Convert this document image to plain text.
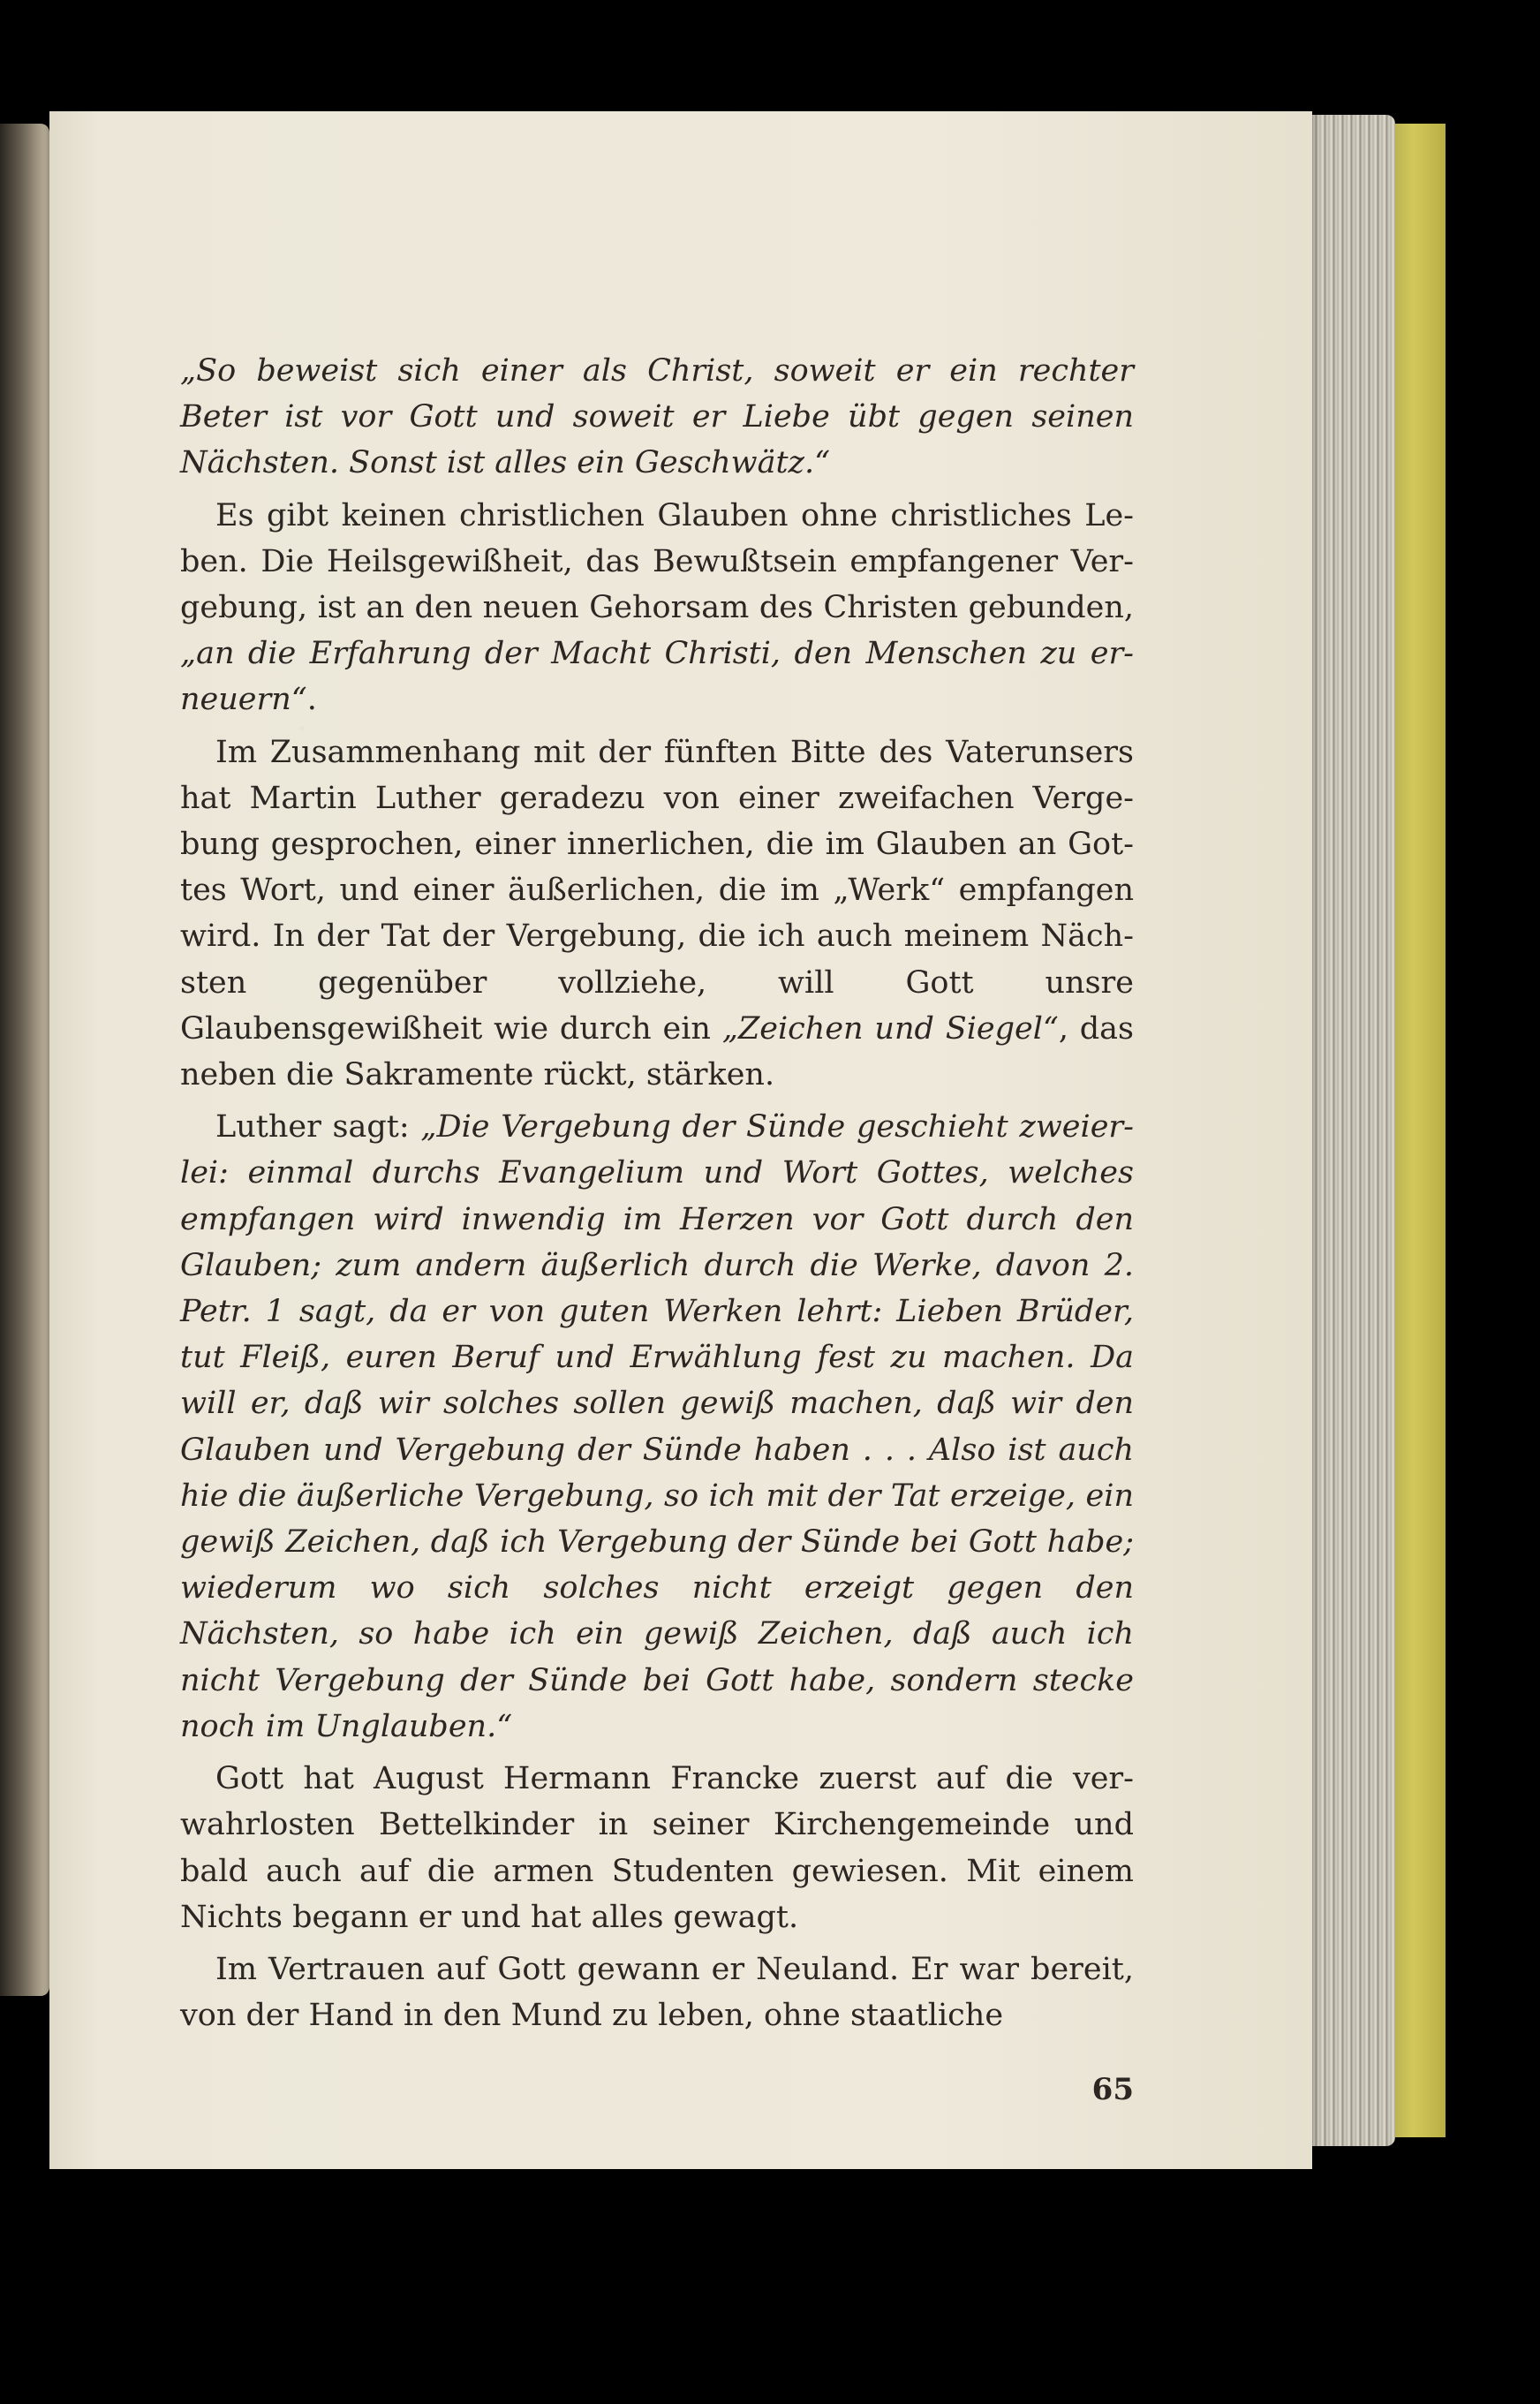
„So beweist sich einer als Christ, soweit er ein rechter Beter ist vor Gott und soweit er Liebe übt gegen seinen Nächsten. Sonst ist alles ein Geschwätz.“

Es gibt keinen christlichen Glauben ohne christliches Leben. Die Heilsgewißheit, das Bewußtsein empfangener Vergebung, ist an den neuen Gehorsam des Christen gebunden, „an die Erfahrung der Macht Christi, den Menschen zu erneuern“.

Im Zusammenhang mit der fünften Bitte des Vaterunsers hat Martin Luther geradezu von einer zweifachen Vergebung gesprochen, einer innerlichen, die im Glauben an Gottes Wort, und einer äußerlichen, die im „Werk“ empfangen wird. In der Tat der Vergebung, die ich auch meinem Nächsten gegenüber vollziehe, will Gott unsre Glaubensgewißheit wie durch ein „Zeichen und Siegel“, das neben die Sakramente rückt, stärken.

Luther sagt: „Die Vergebung der Sünde geschieht zweierlei: einmal durchs Evangelium und Wort Gottes, welches empfangen wird inwendig im Herzen vor Gott durch den Glauben; zum andern äußerlich durch die Werke, davon 2. Petr. 1 sagt, da er von guten Werken lehrt: Lieben Brüder, tut Fleiß, euren Beruf und Erwählung fest zu machen. Da will er, daß wir solches sollen gewiß machen, daß wir den Glauben und Vergebung der Sünde haben . . . Also ist auch hie die äußerliche Vergebung, so ich mit der Tat erzeige, ein gewiß Zeichen, daß ich Vergebung der Sünde bei Gott habe; wiederum wo sich solches nicht erzeigt gegen den Nächsten, so habe ich ein gewiß Zeichen, daß auch ich nicht Vergebung der Sünde bei Gott habe, sondern stecke noch im Unglauben.“

Gott hat August Hermann Francke zuerst auf die verwahrlosten Bettelkinder in seiner Kirchengemeinde und bald auch auf die armen Studenten gewiesen. Mit einem Nichts begann er und hat alles gewagt.

Im Vertrauen auf Gott gewann er Neuland. Er war bereit, von der Hand in den Mund zu leben, ohne staatliche

65
